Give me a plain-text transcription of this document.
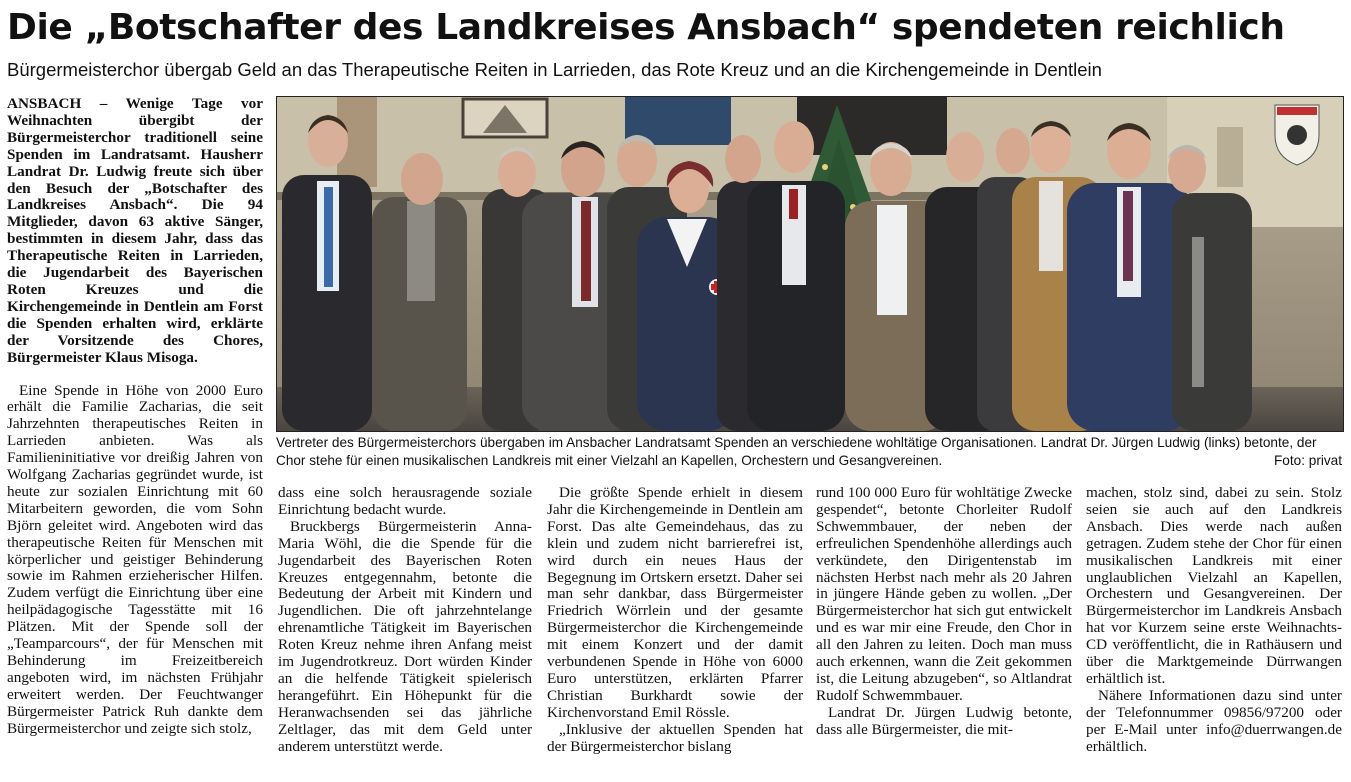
Die „Botschafter des Landkreises Ansbach“ spendeten reichlich
Bürgermeisterchor übergab Geld an das Therapeutische Reiten in Larrieden, das Rote Kreuz und an die Kirchengemeinde in Dentlein

ANSBACH – Wenige Tage vor Weihnachten übergibt der Bürgermeisterchor traditionell seine Spenden im Landratsamt. Hausherr Landrat Dr. Ludwig freute sich über den Besuch der „Botschafter des Landkreises Ansbach“. Die 94 Mitglieder, davon 63 aktive Sänger, bestimmten in diesem Jahr, dass das Therapeutische Reiten in Larrieden, die Jugendarbeit des Bayerischen Roten Kreuzes und die Kirchengemeinde in Dentlein am Forst die Spenden erhalten wird, erklärte der Vorsitzende des Chores, Bürgermeister Klaus Misoga.

Eine Spende in Höhe von 2000 Euro erhält die Familie Zacharias, die seit Jahrzehnten therapeutisches Reiten in Larrieden anbieten. Was als Familieninitiative vor dreißig Jahren von Wolfgang Zacharias gegründet wurde, ist heute zur sozialen Einrichtung mit 60 Mitarbeitern geworden, die vom Sohn Björn geleitet wird. Angeboten wird das therapeutische Reiten für Menschen mit körperlicher und geistiger Behinderung sowie im Rahmen erzieherischer Hilfen. Zudem verfügt die Einrichtung über eine heilpädagogische Tagesstätte mit 16 Plätzen. Mit der Spende soll der „Teamparcours“, der für Menschen mit Behinderung im Freizeitbereich angeboten wird, im nächsten Frühjahr erweitert werden. Der Feuchtwanger Bürgermeister Patrick Ruh dankte dem Bürgermeisterchor und zeigte sich stolz,

Vertreter des Bürgermeisterchors übergaben im Ansbacher Landratsamt Spenden an verschiedene wohltätige Organisationen. Landrat Dr. Jürgen Ludwig (links) betonte, der Chor stehe für einen musikalischen Landkreis mit einer Vielzahl an Kapellen, Orchestern und Gesangvereinen.	Foto: privat

dass eine solch herausragende soziale Einrichtung bedacht wurde.

Bruckbergs Bürgermeisterin Anna-Maria Wöhl, die die Spende für die Jugendarbeit des Bayerischen Roten Kreuzes entgegennahm, betonte die Bedeutung der Arbeit mit Kindern und Jugendlichen. Die oft jahrzehntelange ehrenamtliche Tätigkeit im Bayerischen Roten Kreuz nehme ihren Anfang meist im Jugendrotkreuz. Dort würden Kinder an die helfende Tätigkeit spielerisch herangeführt. Ein Höhepunkt für die Heranwachsenden sei das jährliche Zeltlager, das mit dem Geld unter anderem unterstützt werde.

Die größte Spende erhielt in diesem Jahr die Kirchengemeinde in Dentlein am Forst. Das alte Gemeindehaus, das zu klein und zudem nicht barrierefrei ist, wird durch ein neues Haus der Begegnung im Ortskern ersetzt. Daher sei man sehr dankbar, dass Bürgermeister Friedrich Wörrlein und der gesamte Bürgermeisterchor die Kirchengemeinde mit einem Konzert und der damit verbundenen Spende in Höhe von 6000 Euro unterstützen, erklärten Pfarrer Christian Burkhardt sowie der Kirchenvorstand Emil Rössle.

„Inklusive der aktuellen Spenden hat der Bürgermeisterchor bislang

rund 100 000 Euro für wohltätige Zwecke gespendet“, betonte Chorleiter Rudolf Schwemmbauer, der neben der erfreulichen Spendenhöhe allerdings auch verkündete, den Dirigentenstab im nächsten Herbst nach mehr als 20 Jahren in jüngere Hände geben zu wollen. „Der Bürgermeisterchor hat sich gut entwickelt und es war mir eine Freude, den Chor in all den Jahren zu leiten. Doch man muss auch erkennen, wann die Zeit gekommen ist, die Leitung abzugeben“, so Altlandrat Rudolf Schwemmbauer.

Landrat Dr. Jürgen Ludwig betonte, dass alle Bürgermeister, die mit-

machen, stolz sind, dabei zu sein. Stolz seien sie auch auf den Landkreis Ansbach. Dies werde nach außen getragen. Zudem stehe der Chor für einen musikalischen Landkreis mit einer unglaublichen Vielzahl an Kapellen, Orchestern und Gesangvereinen. Der Bürgermeisterchor im Landkreis Ansbach hat vor Kurzem seine erste Weihnachts-CD veröffentlicht, die in Rathäusern und über die Marktgemeinde Dürrwangen erhältlich ist.

Nähere Informationen dazu sind unter der Telefonnummer 09856/97200 oder per E-Mail unter info@duerrwangen.de erhältlich.
